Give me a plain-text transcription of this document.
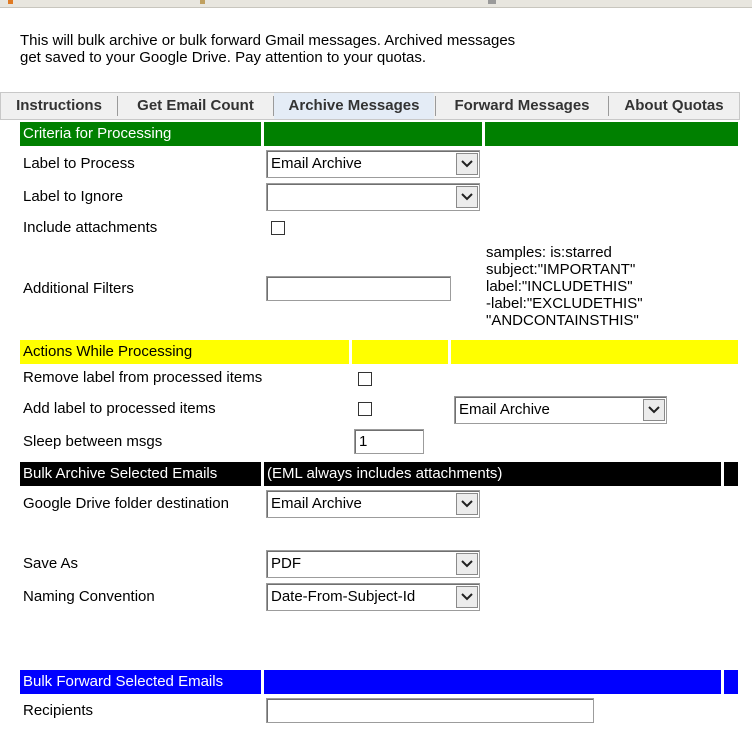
This will bulk archive or bulk forward Gmail messages. Archived messages
get saved to your Google Drive. Pay attention to your quotas.
Instructions	Get Email Count	Archive Messages	Forward Messages	About Quotas
Criteria for Processing
Label to Process	Email Archive
Label to Ignore
Include attachments
Additional Filters
samples: is:starred
subject:"IMPORTANT"
label:"INCLUDETHIS"
-label:"EXCLUDETHIS"
"ANDCONTAINSTHIS"
Actions While Processing
Remove label from processed items
Add label to processed items	Email Archive
Sleep between msgs	1
Bulk Archive Selected Emails	(EML always includes attachments)
Google Drive folder destination	Email Archive
Save As	PDF
Naming Convention	Date-From-Subject-Id
Bulk Forward Selected Emails
Recipients
